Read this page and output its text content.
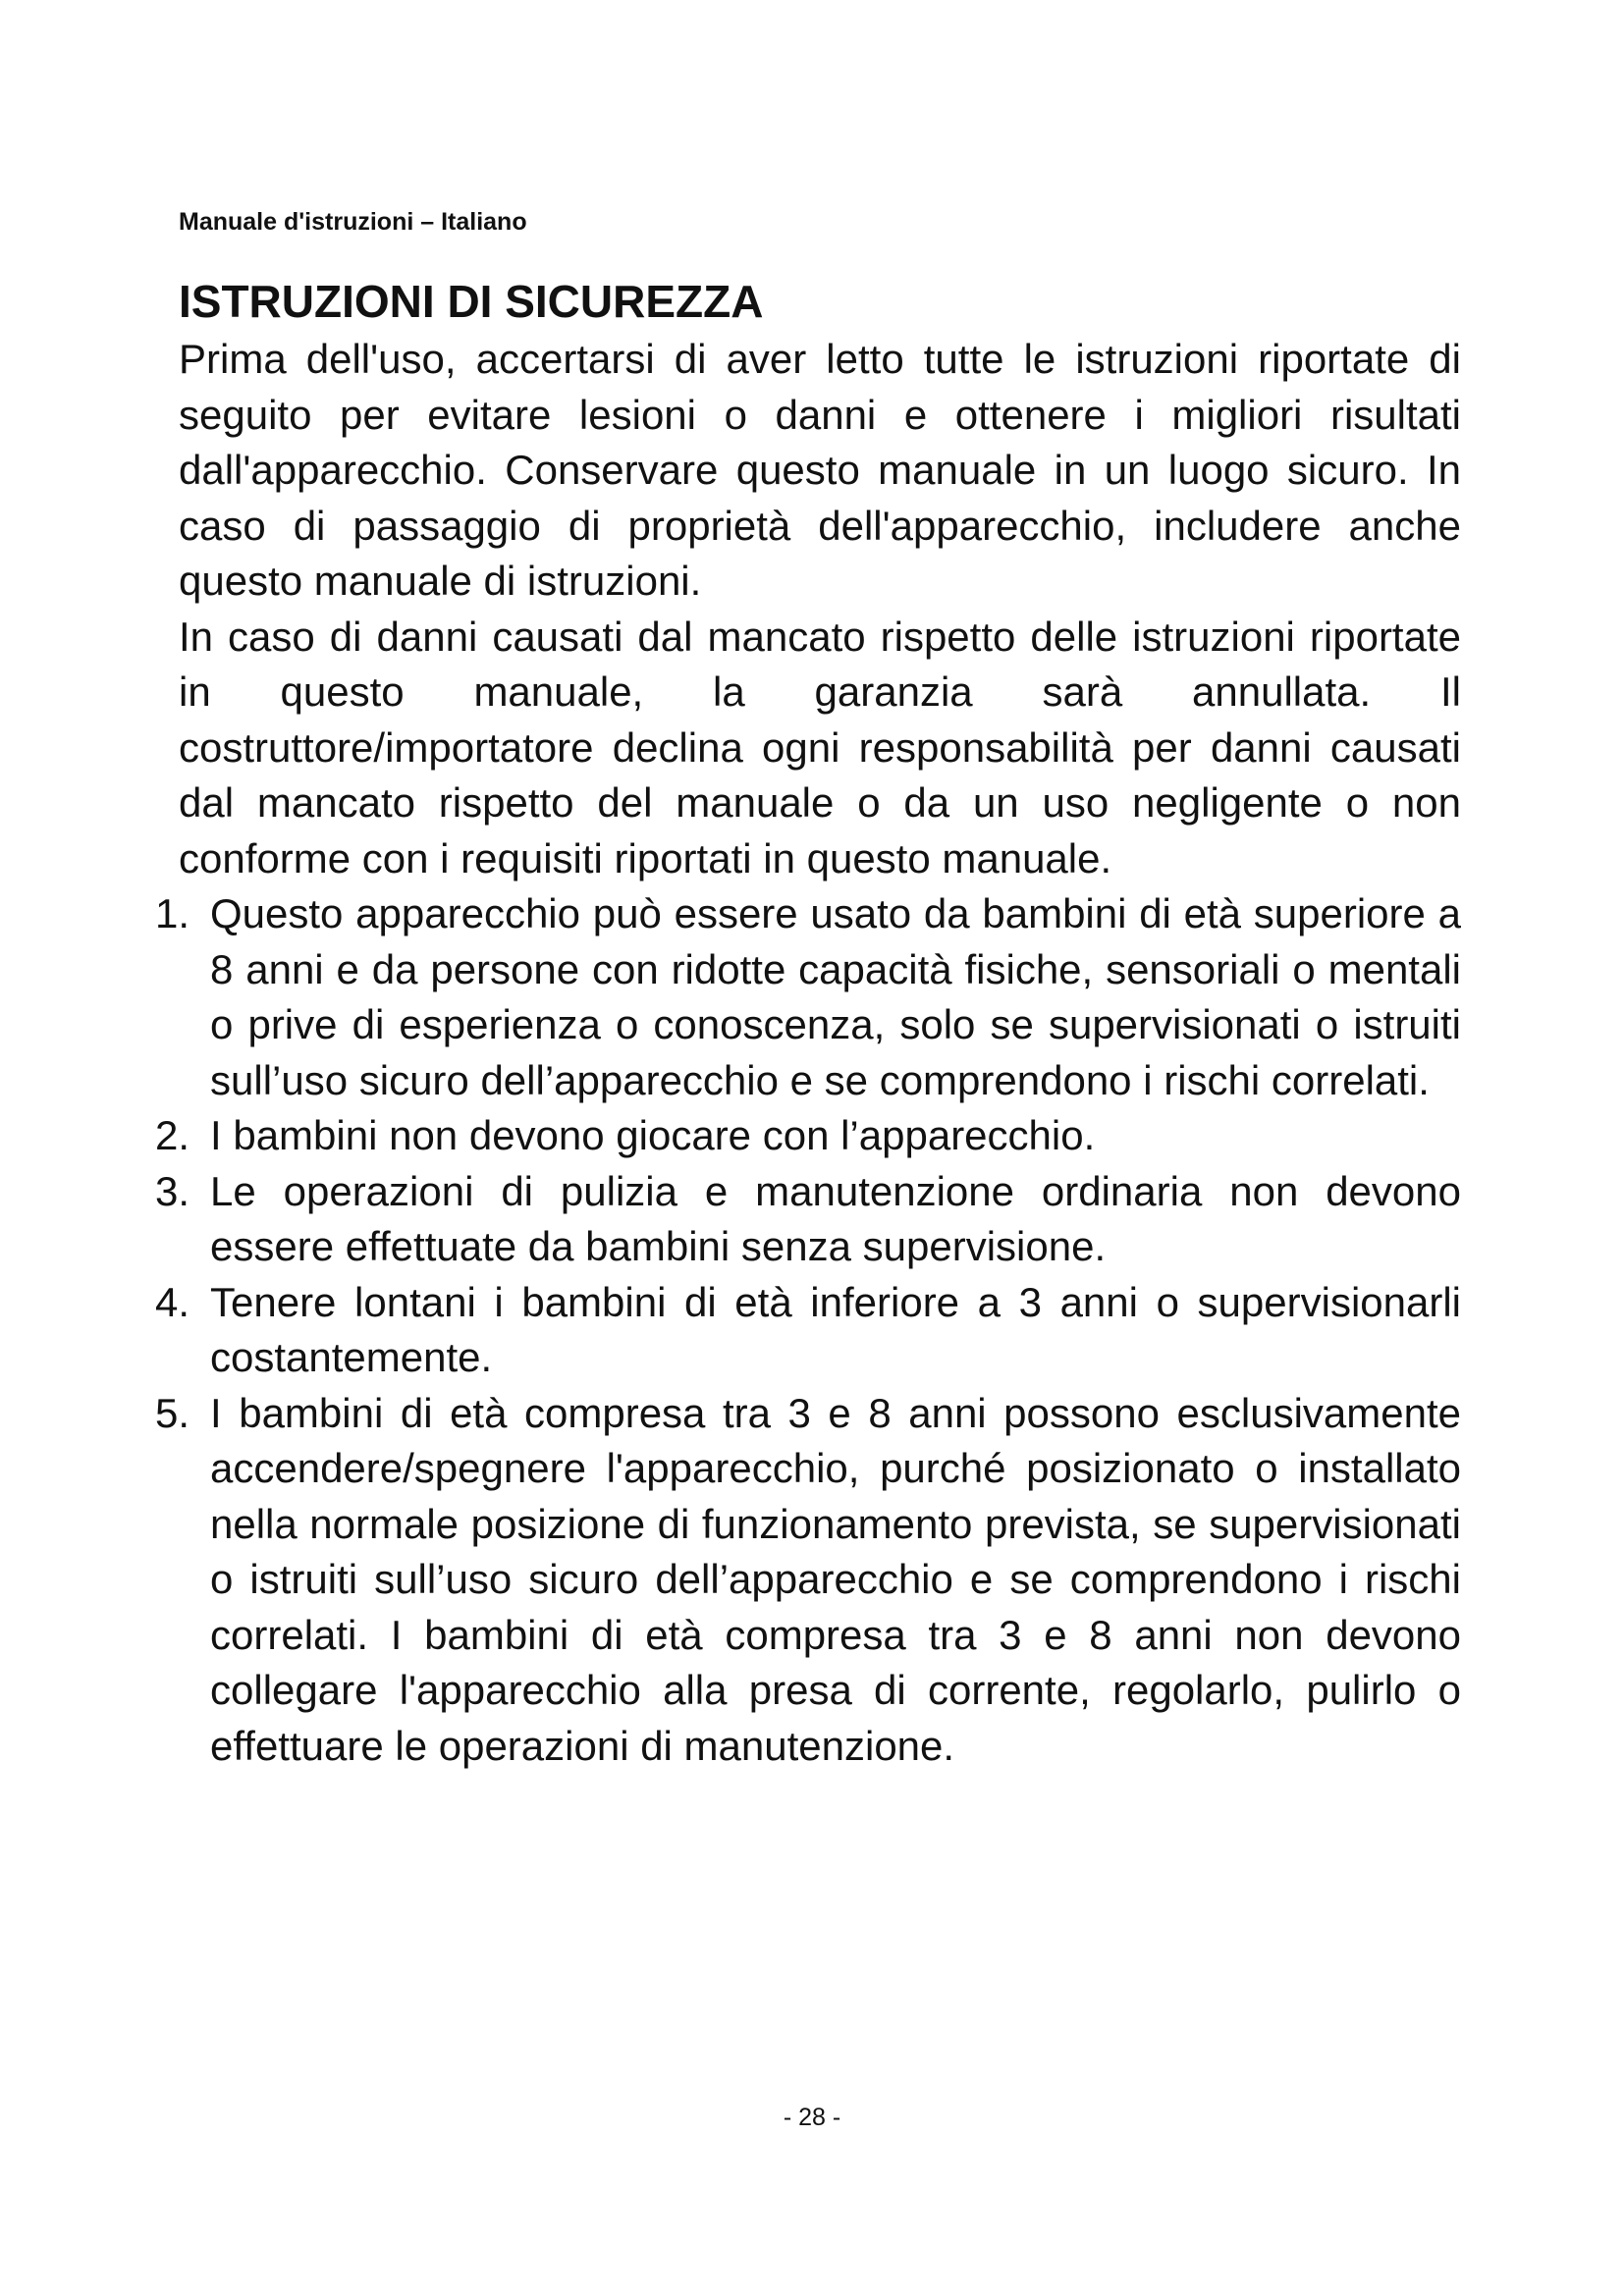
Manuale d'istruzioni – Italiano
ISTRUZIONI DI SICUREZZA

Prima dell'uso, accertarsi di aver letto tutte le istruzioni riportate di seguito per evitare lesioni o danni e ottenere i migliori risultati dall'apparecchio. Conservare questo manuale in un luogo sicuro. In caso di passaggio di proprietà dell'apparecchio, includere anche questo manuale di istruzioni.

In caso di danni causati dal mancato rispetto delle istruzioni riportate in questo manuale, la garanzia sarà annullata. Il costruttore/importatore declina ogni responsabilità per danni causati dal mancato rispetto del manuale o da un uso negligente o non conforme con i requisiti riportati in questo manuale.

1. Questo apparecchio può essere usato da bambini di età superiore a 8 anni e da persone con ridotte capacità fisiche, sensoriali o mentali o prive di esperienza o conoscenza, solo se supervisionati o istruiti sull’uso sicuro dell’apparecchio e se comprendono i rischi correlati.
2. I bambini non devono giocare con l’apparecchio.
3. Le operazioni di pulizia e manutenzione ordinaria non devono essere effettuate da bambini senza supervisione.
4. Tenere lontani i bambini di età inferiore a 3 anni o supervisionarli costantemente.
5. I bambini di età compresa tra 3 e 8 anni possono esclusivamente accendere/spegnere l'apparecchio, purché posizionato o installato nella normale posizione di funzionamento prevista, se supervisionati o istruiti sull’uso sicuro dell’apparecchio e se comprendono i rischi correlati. I bambini di età compresa tra 3 e 8 anni non devono collegare l'apparecchio alla presa di corrente, regolarlo, pulirlo o effettuare le operazioni di manutenzione.
- 28 -
